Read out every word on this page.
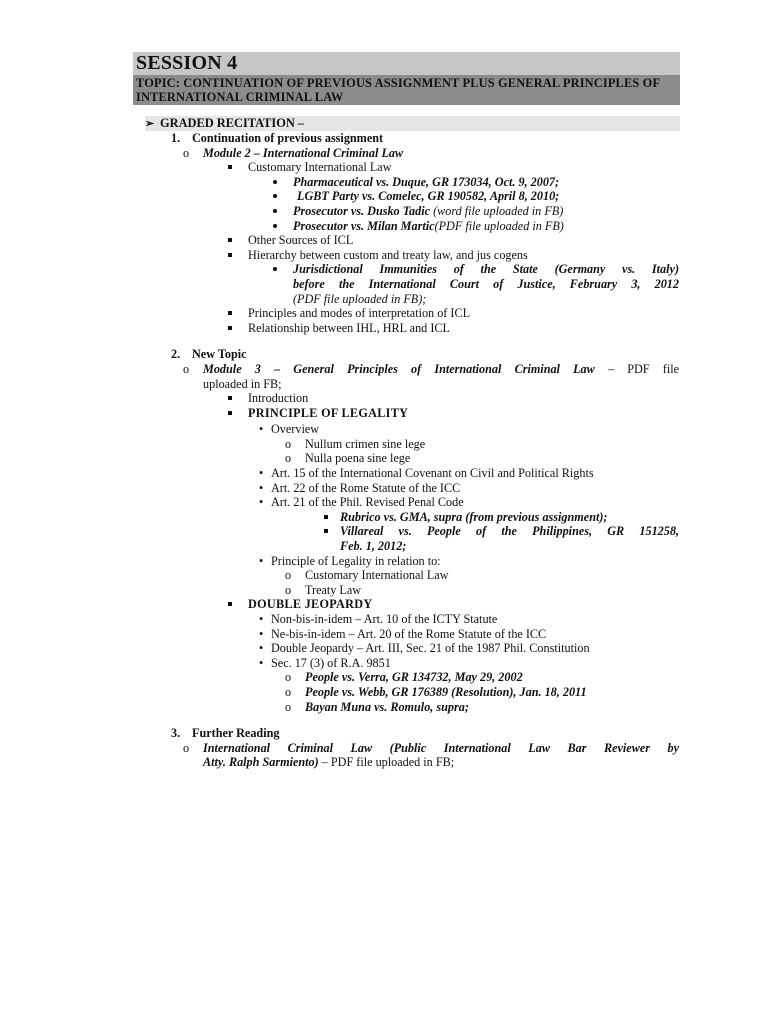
SESSION 4
TOPIC: CONTINUATION OF PREVIOUS ASSIGNMENT PLUS GENERAL PRINCIPLES OF INTERNATIONAL CRIMINAL LAW
➢ GRADED RECITATION –
1. Continuation of previous assignment
o Module 2 – International Criminal Law
Customary International Law
Pharmaceutical vs. Duque, GR 173034, Oct. 9, 2007;
LGBT Party vs. Comelec, GR 190582, April 8, 2010;
Prosecutor vs. Dusko Tadic (word file uploaded in FB)
Prosecutor vs. Milan Martic(PDF file uploaded in FB)
Other Sources of ICL
Hierarchy between custom and treaty law, and jus cogens
Jurisdictional Immunities of the State (Germany vs. Italy)
before the International Court of Justice, February 3, 2012
(PDF file uploaded in FB);
Principles and modes of interpretation of ICL
Relationship between IHL, HRL and ICL
2. New Topic
o Module 3 – General Principles of International Criminal Law – PDF file
uploaded in FB;
Introduction
PRINCIPLE OF LEGALITY
• Overview
o Nullum crimen sine lege
o Nulla poena sine lege
• Art. 15 of the International Covenant on Civil and Political Rights
• Art. 22 of the Rome Statute of the ICC
• Art. 21 of the Phil. Revised Penal Code
Rubrico vs. GMA, supra (from previous assignment);
Villareal vs. People of the Philippines, GR 151258,
Feb. 1, 2012;
• Principle of Legality in relation to:
o Customary International Law
o Treaty Law
DOUBLE JEOPARDY
• Non-bis-in-idem – Art. 10 of the ICTY Statute
• Ne-bis-in-idem – Art. 20 of the Rome Statute of the ICC
• Double Jeopardy – Art. III, Sec. 21 of the 1987 Phil. Constitution
• Sec. 17 (3) of R.A. 9851
o People vs. Verra, GR 134732, May 29, 2002
o People vs. Webb, GR 176389 (Resolution), Jan. 18, 2011
o Bayan Muna vs. Romulo, supra;
3. Further Reading
o International Criminal Law (Public International Law Bar Reviewer by
Atty. Ralph Sarmiento) – PDF file uploaded in FB;
